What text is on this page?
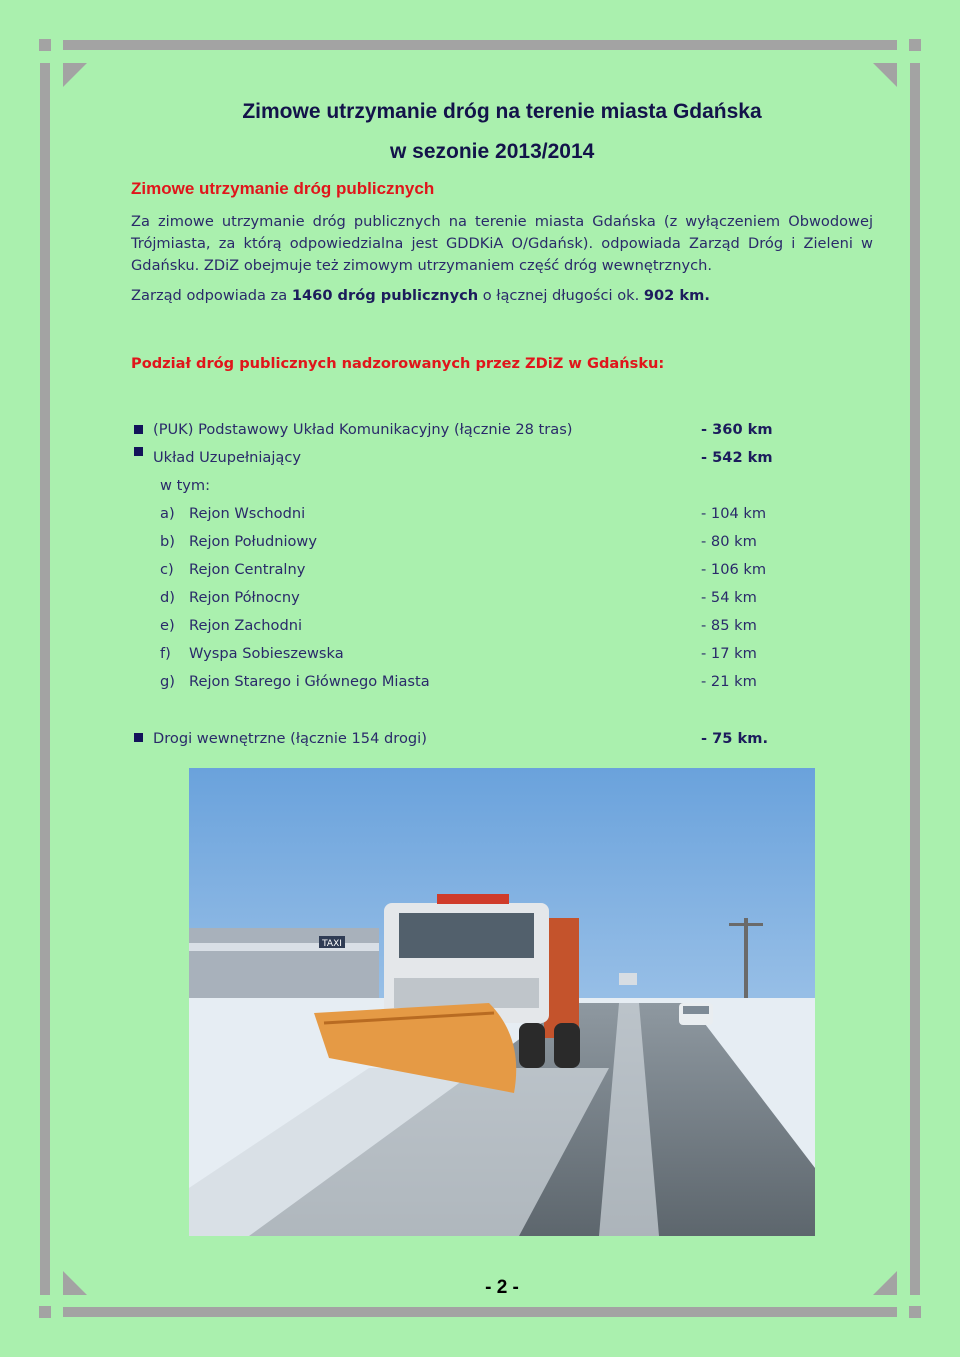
Zimowe utrzymanie dróg na terenie miasta Gdańska
w sezonie 2013/2014
Zimowe utrzymanie dróg publicznych
Za zimowe utrzymanie dróg publicznych na terenie miasta Gdańska (z wyłączeniem Obwodowej Trójmiasta, za którą odpowiedzialna jest GDDKiA O/Gdańsk). odpowiada Zarząd Dróg i Zieleni w Gdańsku. ZDiZ obejmuje też zimowym utrzymaniem część dróg wewnętrznych.
Zarząd odpowiada za 1460 dróg publicznych o łącznej długości ok. 902 km.
Podział dróg publicznych nadzorowanych przez ZDiZ w Gdańsku:
(PUK) Podstawowy Układ Komunikacyjny (łącznie 28 tras)	- 360 km
Układ Uzupełniający	- 542 km
w tym:
a) Rejon Wschodni	- 104 km
b) Rejon Południowy	- 80 km
c) Rejon Centralny	- 106 km
d) Rejon Północny	- 54 km
e) Rejon Zachodni	- 85 km
f) Wyspa Sobieszewska	- 17 km
g) Rejon Starego i Głównego Miasta	- 21 km
Drogi wewnętrzne (łącznie 154 drogi)	- 75 km.
TAXI
- 2 -
